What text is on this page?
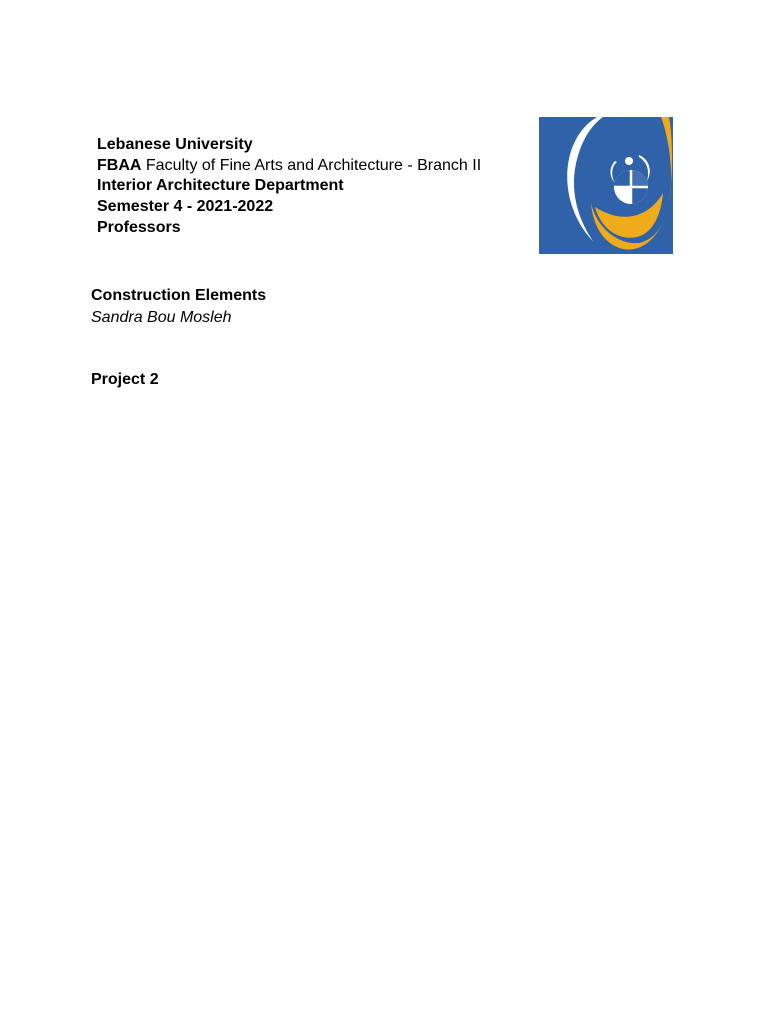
Lebanese University
FBAA Faculty of Fine Arts and Architecture - Branch II
Interior Architecture Department
Semester 4 - 2021-2022
Professors
Construction Elements
Sandra Bou Mosleh
Project 2
